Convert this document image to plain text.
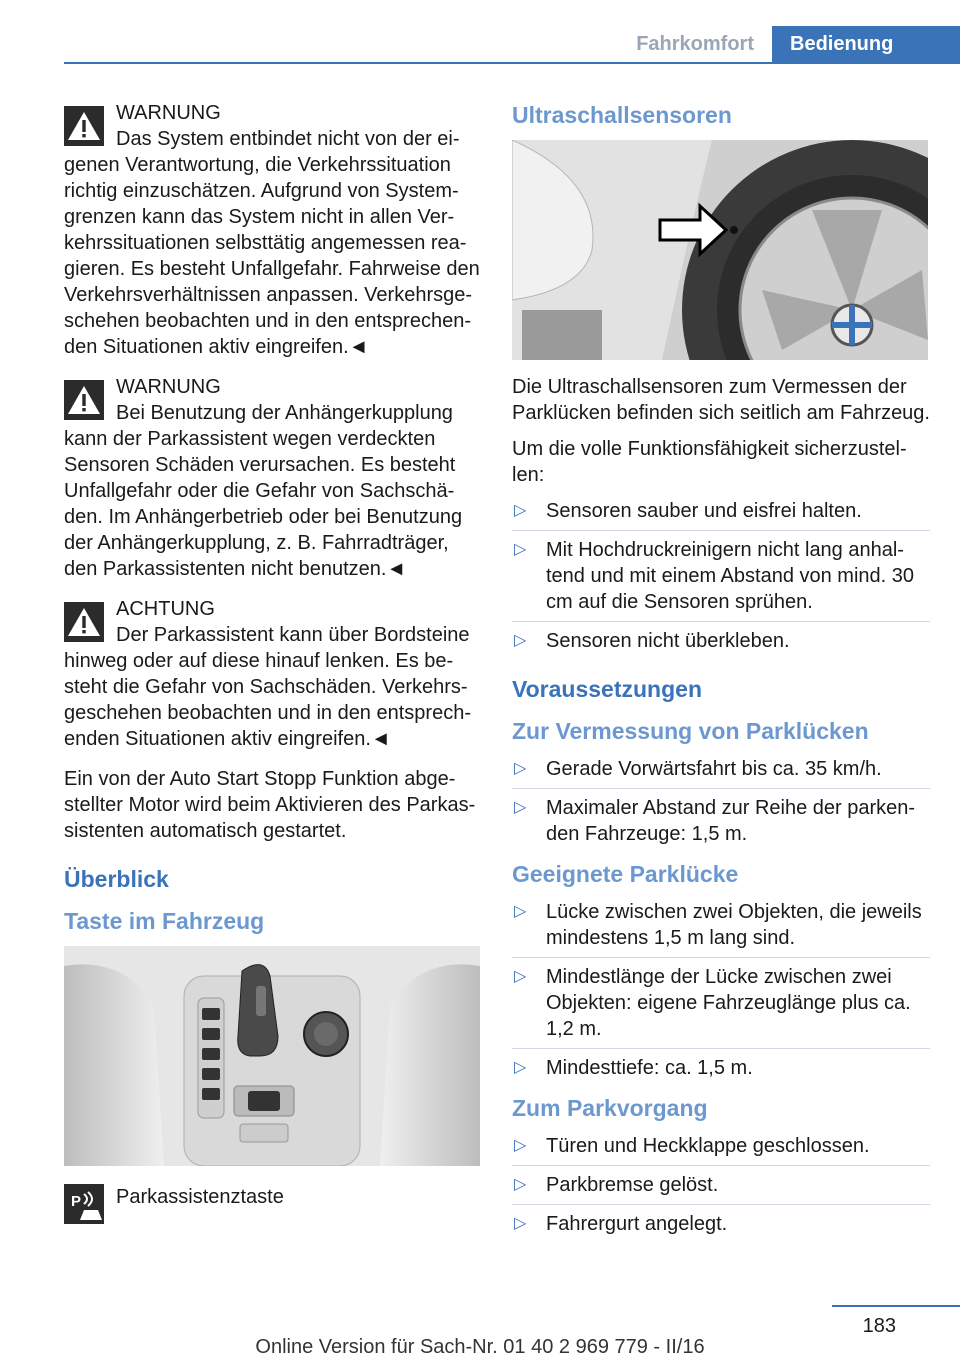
Fahrkomfort	Bedienung
WARNUNG
Das System entbindet nicht von der ei-genen Verantwortung, die Verkehrssituation richtig einzuschätzen. Aufgrund von System-grenzen kann das System nicht in allen Ver-kehrssituationen selbsttätig angemessen rea-gieren. Es besteht Unfallgefahr. Fahrweise den Verkehrsverhältnissen anpassen. Verkehrsge-schehen beobachten und in den entsprechen-den Situationen aktiv eingreifen.◄
WARNUNG
Bei Benutzung der Anhängerkupplung kann der Parkassistent wegen verdeckten Sensoren Schäden verursachen. Es besteht Unfallgefahr oder die Gefahr von Sachschä-den. Im Anhängerbetrieb oder bei Benutzung der Anhängerkupplung, z. B. Fahrradträger, den Parkassistenten nicht benutzen.◄
ACHTUNG
Der Parkassistent kann über Bordsteine hinweg oder auf diese hinauf lenken. Es be-steht die Gefahr von Sachschäden. Verkehrs-geschehen beobachten und in den entsprech-enden Situationen aktiv eingreifen.◄

Ein von der Auto Start Stopp Funktion abge-stellter Motor wird beim Aktivieren des Parkas-sistenten automatisch gestartet.

Überblick
Taste im Fahrzeug
P Parkassistenztaste
Ultraschallsensoren

Die Ultraschallsensoren zum Vermessen der Parklücken befinden sich seitlich am Fahrzeug.

Um die volle Funktionsfähigkeit sicherzustel-len:

▷ Sensoren sauber und eisfrei halten.
▷ Mit Hochdruckreinigern nicht lang anhal-tend und mit einem Abstand von mind. 30 cm auf die Sensoren sprühen.
▷ Sensoren nicht überkleben.
Voraussetzungen
Zur Vermessung von Parklücken
▷ Gerade Vorwärtsfahrt bis ca. 35 km/h.
▷ Maximaler Abstand zur Reihe der parken-den Fahrzeuge: 1,5 m.
Geeignete Parklücke
▷ Lücke zwischen zwei Objekten, die jeweils mindestens 1,5 m lang sind.
▷ Mindestlänge der Lücke zwischen zwei Objekten: eigene Fahrzeuglänge plus ca. 1,2 m.
▷ Mindesttiefe: ca. 1,5 m.
Zum Parkvorgang
▷ Türen und Heckklappe geschlossen.
▷ Parkbremse gelöst.
▷ Fahrergurt angelegt.
183
Online Version für Sach-Nr. 01 40 2 969 779 - II/16
